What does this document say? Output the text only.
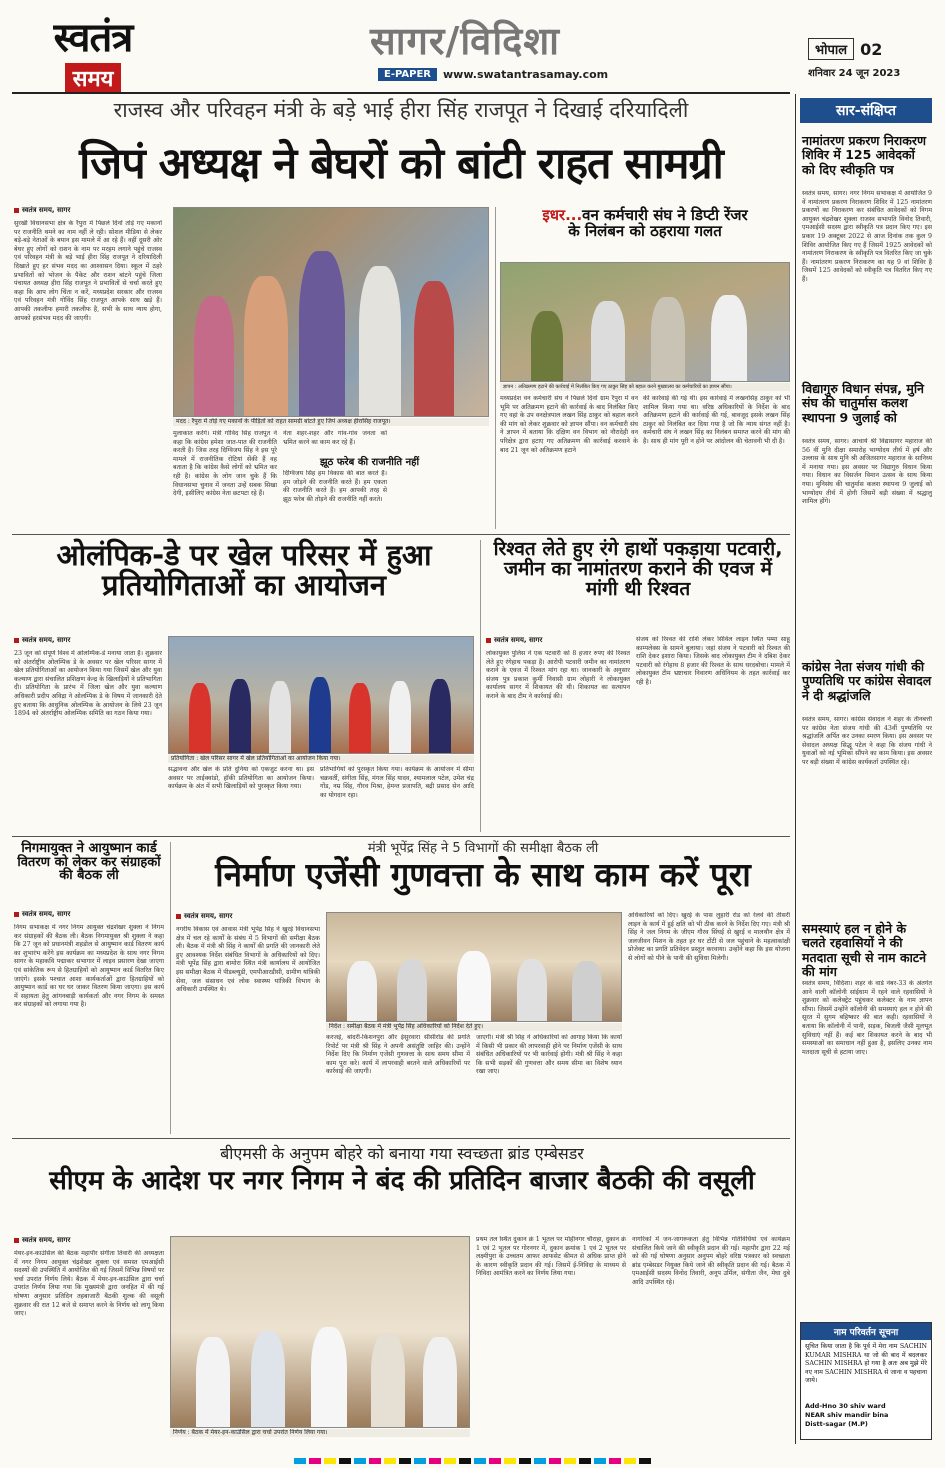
स्वतंत्र
समय
सागर/विदिशा
E-PAPER	www.swatantrasamay.com
भोपाल 02
शनिवार 24 जून 2023
राजस्व और परिवहन मंत्री के बड़े भाई हीरा सिंह राजपूत ने दिखाई दरियादिली
जिपं अध्यक्ष ने बेघरों को बांटी राहत सामग्री
स्वतंत्र समय, सागर
सुरखी विधानसभा क्षेत्र के रैपुरा में पिछले दिनों तोड़े गए मकानों पर राजनीति थमने का नाम नहीं ले रही। सोशल मीडिया से लेकर बड़े-बड़े नेताओं के बयान इस मामले में आ रहे हैं। वहीं दूसरी ओर बेघर हुए लोगों को राशन के नाम पर मरहम लगाने पहुंचे राजस्व एवं परिवहन मंत्री के बड़े भाई हीरा सिंह राजपूत ने दरियादिली दिखाते हुए हर संभव मदद का आश्वासन दिया। स्कूल में ठहरे प्रभावितों को भोजन के पैकेट और राशन बांटने पहुंचे जिला पंचायत अध्यक्ष हीरा सिंह राजपूत ने प्रभावितों से चर्चा करते हुए कहा कि आप लोग चिंता न करें, मध्यप्रदेश सरकार और राजस्व एवं परिवहन मंत्री गोविंद सिंह राजपूत आपके साथ खड़े हैं। आपकी तकलीफ हमारी तकलीफ है, सभी के साथ न्याय होगा, आपको हरसंभव मदद की जाएगी।
मदद : रैपुरा में तोड़े गए मकानों के पीड़ितों को राहत सामग्री बांटते हुए जिपं अध्यक्ष हीरासिंह राजपूत।
मुलाकात करेंगे। मंत्री गोविंद सिंह राजपूत ने कहा कि कांग्रेस हमेशा जात-पात की राजनीति करती है। जिस तरह दिग्विजय सिंह ने इस पूरे मामले में राजनीतिक रोटियां सेंकी हैं वह बताता है कि कांग्रेस कैसे लोगों को भ्रमित कर रही है। कांग्रेस के लोग जान चुके हैं कि विधानसभा चुनाव में जनता उन्हें सबक सिखा देगी, इसीलिए कांग्रेस नेता छटपटा रहे हैं।
नेता शहर-शहर और गांव-गांव जनता को भ्रमित करने का काम कर रहे हैं।
झूठ फरेब की राजनीति नहीं
दिग्विजय सिंह हम विकास की बात करते हैं। हम जोड़ने की राजनीति करते हैं। हम एकता की राजनीति करते हैं। हम आपकी तरह से झूठ फरेब की तोड़ने की राजनीति नहीं करते।
इधर...वन कर्मचारी संघ ने डिप्टी रेंजर
के निलंबन को ठहराया गलत
ज्ञापन : अतिक्रमण हटाने की कार्रवाई में निलंबित किए गए ठाकुर सिंह को बहाल करने मुख्यालय का कर्मचारियों का ज्ञापन सौंपा।
मध्यप्रदेश वन कर्मचारी संघ ने पिछले दिनों ग्राम रैपुरा में वन भूमि पर अतिक्रमण हटाने की कार्रवाई के बाद निलंबित किए गए वहां के उप वनक्षेत्रपाल लखन सिंह ठाकुर को बहाल करने की मांग को लेकर शुक्रवार को ज्ञापन सौंपा। वन कर्मचारी संघ ने ज्ञापन में बताया कि दक्षिण वन विभाग को नौरादेही वन परिक्षेत्र द्वारा हटाए गए अतिक्रमण की कार्रवाई करवाने के बाद 21 जून को अतिक्रमण हटाने
की कार्रवाई की गई थी। इस कार्रवाई में लखनसिंह ठाकुर को भी शामिल किया गया था। वरिष्ठ अधिकारियों के निर्देश के बाद अतिक्रमण हटाने की कार्रवाई की गई, बावजूद इसके लखन सिंह ठाकुर को निलंबित कर दिया गया है जो कि न्याय संगत नहीं है। कर्मचारी संघ ने लखन सिंह का निलंबन समाप्त करने की मांग की है। साथ ही मांग पूरी न होने पर आंदोलन की चेतावनी भी दी है।
ओलंपिक-डे पर खेल परिसर में हुआ प्रतियोगिताओं का आयोजन
स्वतंत्र समय, सागर
23 जून को संपूर्ण विश्व में ओलम्पिक-डे मनाया जाता है। शुक्रवार को अंतर्राष्ट्रीय ओलम्पिक डे के अवसर पर खेल परिसर सागर में खेल प्रतियोगिताओं का आयोजन किया गया जिसमें खेल और युवा कल्याण द्वारा संचालित प्रशिक्षण केन्द्र के खिलाड़ियों ने प्रतिभागिता दी। प्रतियोगिता के प्रारंभ में जिला खेल और युवा कल्याण अधिकारी प्रदीप अविद्रा ने ओलम्पिक डे के विषय में जानकारी देते हुए बताया कि आधुनिक ओलम्पिक के आयोजन के लिये 23 जून 1894 को अंतर्राष्ट्रीय ओलम्पिक समिति का गठन किया गया।
प्रतियोगिता : खेल परिसर सागर में खेल प्रतियोगिताओं का आयोजन किया गया।
सद्भावना और खेल के प्रति दुनिया को एकजुट करना था। इस अवसर पर ताईक्वांडो, हॉकी प्रतियोगिता का आयोजन किया। कार्यक्रम के अंत में सभी खिलाड़ियों को पुरस्कृत किया गया।
प्रतिभागियों को पुरस्कृत किया गया। कार्यक्रम के आयोजन में सीमा चक्रवर्ती, संगीता सिंह, मंगल सिंह यादव, श्यामलाल पटेल, उमेश चंद्र गोंड, नम्र सिंह, गौरव मिश्रा, हेमन्त प्रजापति, बद्री प्रसाद सेन आदि का योगदान रहा।
रिश्वत लेते हुए रंगे हाथों पकड़ाया पटवारी, जमीन का नामांतरण कराने की एवज में मांगी थी रिश्वत
स्वतंत्र समय, सागर
लोकायुक्त पुलिस ने एक पटवारी को 8 हजार रुपए की रिश्वत लेते हुए रंगेहाथ पकड़ा है। आरोपी पटवारी जमीन का नामांतरण कराने के एवज में रिश्वत मांग रहा था। जानकारी के अनुसार संजय पुत्र प्रकाश कुर्मी निवासी ग्राम लोहारी ने लोकायुक्त कार्यालय सागर में शिकायत की थी। शिकायत का सत्यापन कराने के बाद टीम ने कार्रवाई की।
संजय को रिश्वत की राशि लेकर सिविल लाइन स्थित पम्मा साहू काम्पलेक्स के सामने बुलाया। जहां संजय ने पटवारी को रिश्वत की राशि देकर इशारा किया। जिसके बाद लोकायुक्त टीम ने दबिश देकर पटवारी को रंगेहाथ 8 हजार की रिश्वत के साथ धरदबोचा। मामले में लोकायुक्त टीम भ्रष्टाचार निवारण अधिनियम के तहत कार्रवाई कर रही है।
निगमायुक्त ने आयुष्मान कार्ड वितरण को लेकर कर संग्राहकों की बैठक ली
स्वतंत्र समय, सागर
निगम सभाकक्ष में नगर निगम आयुक्त चंद्रशेखर शुक्ला ने निगम कर संग्राहकों की बैठक ली। बैठक निगमायुक्त श्री शुक्ला ने कहा कि 27 जून को प्रधानमंत्री शहडोल से आयुष्मान कार्ड वितरण कार्य का शुभारंभ करेंगे इस कार्यक्रम का मध्यप्रदेश के साथ नगर निगम सागर के महाकवि पद्माकर सभागार में लाइव प्रसारण देखा जाएगा एवं सांकेतिक रूप से हितग्राहियों को आयुष्मान कार्ड वितरित किए जाएंगे। इसके पश्चात आशा कार्यकर्ताओं द्वारा हितग्राहियों को आयुष्मान कार्ड का घर घर जाकर वितरण किया जाएगा। इस कार्य में सहायता हेतु आंगनबाड़ी कार्यकर्ता और नगर निगम के समस्त कर संग्राहकों को लगाया गया है।
मंत्री भूपेंद्र सिंह ने 5 विभागों की समीक्षा बैठक ली
निर्माण एजेंसी गुणवत्ता के साथ काम करें पूरा
स्वतंत्र समय, सागर
नगरीय विकास एवं आवास मंत्री भूपेंद्र सिंह ने खुरई विधानसभा क्षेत्र में चल रहे कार्यों के संबंध में 5 विभागों की समीक्षा बैठक ली। बैठक में मंत्री श्री सिंह ने कार्यों की प्रगति की जानकारी लेते हुए आवश्यक निर्देश संबंधित विभागों के अधिकारियों को दिए। मंत्री भूपेंद्र सिंह द्वारा बामोरा स्थित मंत्री कार्यालय में आयोजित इस समीक्षा बैठक में पीडब्ल्यूडी, एमपीआरडीसी, ग्रामीण यांत्रिकी सेवा, जल संसाधन एवं लोक स्वास्थ्य यांत्रिकी विभाग के अधिकारी उपस्थित थे।
निर्देश : समीक्षा बैठक में मंत्री भूपेंद्र सिंह अधिकारियों को निर्देश देते हुए।
करजई, बांदरी-किशनपुरा और ईसुरवारा सीसीरोड की प्रगति रिपोर्ट पर मंत्री श्री सिंह ने अपनी असंतुष्टि जाहिर की। उन्होंने निर्देश दिए कि निर्माण एजेंसी गुणवत्ता के साथ समय सीमा में काम पूरा करे। कार्य में लापरवाही बरतने वाले अधिकारियों पर कार्रवाई की जाएगी।
जाएगी। मंत्री श्री सिंह ने अधिकारियों को आगाह किया कि कार्यों में किसी भी प्रकार की लापरवाही होने पर निर्माण एजेंसी के साथ संबंधित अधिकारियों पर भी कार्रवाई होगी। मंत्री श्री सिंह ने कहा कि सभी सड़कों की गुणवत्ता और समय सीमा का विशेष ध्यान रखा जाए।
अधिकारियों को दिए। खुरई के पास लुहारी रोड को रेलवे की तीसरी लाइन के कार्य में हुई क्षति को भी ठीक करने के निर्देश दिए गए। मंत्री श्री सिंह ने जल निगम के जीएम गौरव सिंघई से खुरई व मालथौन क्षेत्र में जलजीवन मिशन के तहत हर घर टोंटी से जल पहुंचाने के महत्वाकांक्षी प्रोजेक्ट का प्रगति प्रतिवेदन प्रस्तुत करवाया। उन्होंने कहा कि इस योजना से लोगों को पीने के पानी की सुविधा मिलेगी।
बीएमसी के अनुपम बोहरे को बनाया गया स्वच्छता ब्रांड एम्बेसडर
सीएम के आदेश पर नगर निगम ने बंद की प्रतिदिन बाजार बैठकी की वसूली
स्वतंत्र समय, सागर
मेयर-इन-काउंसिल की बैठक महापौर संगीता तिवारी की अध्यक्षता में नगर निगम आयुक्त चंद्रशेखर शुक्ला एवं समस्त एमआईसी सदस्यों की उपस्थिति में आयोजित की गई जिसमें विभिन्न विषयों पर चर्चा उपरांत निर्णय लिये। बैठक में मेयर-इन-काउंसिल द्वारा चर्चा उपरांत निर्णय लिया गया कि मुख्यमंत्री द्वारा जनहित में की गई घोषणा अनुसार प्रतिदिन तहबाजारी बैठकी शुल्क की वसूली शुक्रवार की रात 12 बजे से समाप्त करने के निर्णय को लागू किया जाए।
निर्णय : बैठक में मेयर-इन-काउंसिल द्वारा चर्चा उपरांत निर्णय लिया गया।
प्रथम तल स्थित दुकान क्रं 1 भूतल पर मोहीनगर चौराहा, दुकान क्रं 1 एवं 2 भूतल पर गोरनगर में, दुकान क्रमांक 1 एवं 2 भूतल पर लक्ष्मीपुरा के उच्चतम आफर आफसेट कीमत से अधिक प्राप्त होने के कारण स्वीकृति प्रदान की गई। जिसमें ई-निविदा के माध्यम से निविदा आमंत्रित करने का निर्णय लिया गया।
नागरिकों में जन-जागरूकता हेतु विभिन्न गतिविधियां एवं कार्यक्रम संचालित किये जाने की स्वीकृति प्रदान की गई। महापौर द्वारा 22 मई को की गई घोषणा अनुसार अनुपम बोहरे वरिष्ठ पत्रकार को स्वच्छता ब्रांड एम्बेसडर नियुक्त किये जाने की स्वीकृति प्रदान की गई। बैठक में एमआईसी सदस्य विनोद तिवारी, अनूप उर्मिल, संगीता जैन, मेघा दुबे आदि उपस्थित रहे।
सार-संक्षिप्त
नामांतरण प्रकरण निराकरण शिविर में 125 आवेदकों को दिए स्वीकृति पत्र
स्वतंत्र समय, सागर। नगर निगम सभाकक्ष में आयोजित 9 वें नामांतरण प्रकरण निराकरण शिविर में 125 नामांतरण प्रकरणों का निराकरण कर संबंधित आवेदकों को निगम आयुक्त चंद्रशेखर शुक्ला राजस्व सभापति विनोद तिवारी, एमआईसी सदस्य द्वारा स्वीकृति पत्र प्रदान किए गए। इस प्रकार 19 अक्टूबर 2022 से आज दिनांक तक कुल 9 शिविर आयोजित किए गए हैं जिसमें 1925 आवेदकों को नामांतरण निराकरण के स्वीकृति पत्र वितरित किए जा चुके हैं। नामांतरण प्रकरण निराकरण का यह 9 वां शिविर है जिसमें 125 आवेदकों को स्वीकृति पत्र वितरित किए गए हैं।
विद्यागुरु विधान संपन्न, मुनि संघ की चातुर्मास कलश स्थापना 9 जुलाई को
स्वतंत्र समय, सागर। आचार्य श्री विद्यासागर महाराज की 56 वीं मुनि दीक्षा समारोह भाग्योदय तीर्थ में हर्ष और उल्लास के साथ मुनि श्री अजितसागर महाराज के सानिध्य में मनाया गया। इस अवसर पर विद्यागुरु विधान किया गया। विधान का विसर्जन विमान उत्सव के साथ किया गया। मुनिसंघ की चातुर्मास कलश स्थापना 9 जुलाई को भाग्योदय तीर्थ में होगी जिसमें बड़ी संख्या में श्रद्धालु शामिल होंगे।
कांग्रेस नेता संजय गांधी की पुण्यतिथि पर कांग्रेस सेवादल ने दी श्रद्धांजलि
स्वतंत्र समय, सागर। कांग्रेस सेवादल ने शहर के तीनबत्ती पर कांग्रेस नेता संजय गांधी की 43वीं पुण्यतिथि पर श्रद्धांजलि अर्पित कर उनका स्मरण किया। इस अवसर पर सेवादल अध्यक्ष सिद्धू पटेल ने कहा कि संजय गांधी ने युवाओं को नई भूमिका सौंपने का काम किया। इस अवसर पर बड़ी संख्या में कांग्रेस कार्यकर्ता उपस्थित रहे।
समस्याएं हल न होने के चलते रहवासियों ने की मतदाता सूची से नाम काटने की मांग
स्वतंत्र समय, विदिशा। शहर के वार्ड नंबर-33 के अंतर्गत आने वाली कॉलोनी सांईधाम में रहने वाले रहवासियों ने शुक्रवार को कलेक्ट्रेट पहुंचकर कलेक्टर के नाम ज्ञापन सौंपा। जिसमें उन्होंने कॉलोनी की समस्याएं हल न होने की सूरत में सुगम बहिष्कार की बात कही। रहवासियों ने बताया कि कॉलोनी में पानी, सड़क, बिजली जैसी मूलभूत सुविधाएं नहीं हैं। कई बार शिकायत करने के बाद भी समस्याओं का समाधान नहीं हुआ है, इसलिए उनका नाम मतदाता सूची से हटाया जाए।
नाम परिवर्तन सूचना
सूचित किया जाता है कि पूर्व में मेरा नाम SACHIN KUMAR MISHRA था जो की बाद में बदलकर SACHIN MISHRA हो गया है अतः अब मुझे मेरे नए नाम SACHIN MISHRA से जाना व पहचाना जाये।
Add-Hno 30 shiv ward
NEAR shiv mandir bina
Distt-sagar (M.P)
